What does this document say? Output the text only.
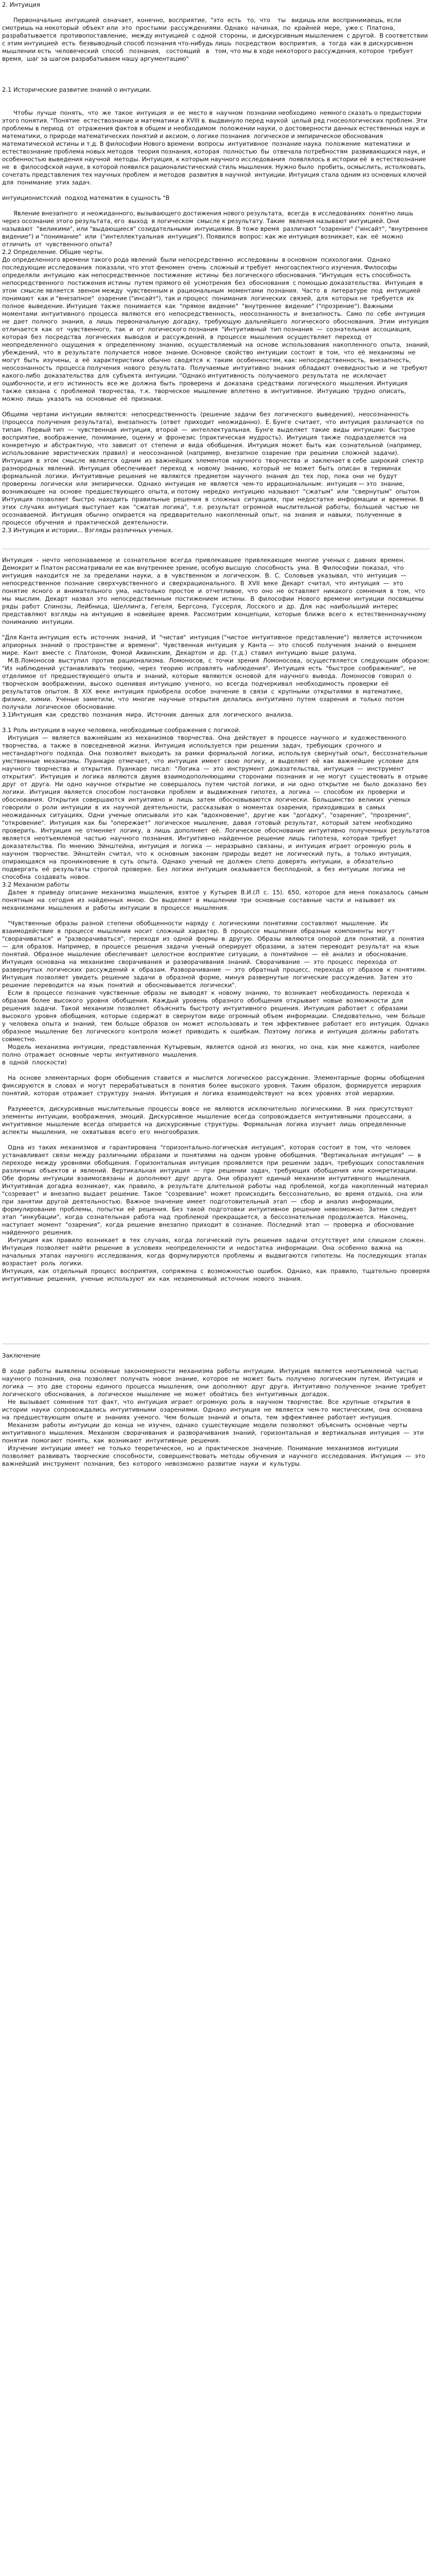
2. Интуиция

Первоначально  интуицией  означает,  конечно,  восприятие,  "это  есть   то,  что    ты   видишь или  воспринимаешь, если смотришь на некоторый  объект или  это  простыми  рассуждениями. Однако  начиная,  по  крайней  мере,  уже с  Платона,  разрабатывается  противопоставление,  между интуицией  с одной  стороны,  и дискурсивным мышлением  с другой.  В соответствии с этим интуицией  есть  безвыводный способ познания что-нибудь лишь  посредством  восприятия,  а  тогда  как в дискурсивном мышлении есть  человеческий  способ   познания,   состоящий   в   том, что мы в ходе некоторого рассуждения, которое  требует время,  шаг за шагом разрабатываем нашу аргументацию"

2.1 Исторические развитие знаний о интуиции.

Чтобы  лучше  понять,  что  же  такое  интуиция  и  ее  место в  научном  познании необходимо  немного сказать о предыстории этого понятия. "Понятие  естествознание и математики в XVIII в. выдвинуло перед наукой  целый ряд гносеологических проблем. Эти проблемы в период  от  отражения фактов в общем и необходимом  положении науки, о достоверности данных естественных наук и математики, о природе математических понятий и аксиом, о логике познания  логическое и эмпирическое обоснования математической истины и т.д. В философии Нового времени  вопросы  интуитивное  познание наука  положение  математики  и  естествознание проблема новых методов  теория познания, которая  полностью  бы  отвечала потребностям  развивающихся наук, и особенностью выведения научной  методы. Интуиция, к которым научного исследования  появлялось в истории её  в естествознание  не  в  философской науке, в которой появился рационалистический стиль мышления. Нужно было  пробить, осмыслить, истолковать, сочетать представления тех научных проблем  и методов  развития в научной  интуиции. Интуиция стала одним из основных ключей для  понимание  этих задач.

интуиционистский  подход математик в сущность "В

Явление внезапного  и неожиданного, вызывающего достижения нового результата,  всегда  в исследованиях  понятно лишь через осознание этого результата, его  выход  в логическом  смысле к результату. Такие  явления называют интуицией. Они  называют  "великими", или "выдающиеся" созидательными  интуициями. В тоже время  различают "озарение" ("инсайт", "внутреннее  видение") и "понимание"  или  ("интеллектуальная  интуиция"). Появился  вопрос: как же интуиция возникает, как  её  можно  отличить  от  чувственного опыта?

2.2 Определение. Общие черты.

До определенного времени такого рода явлений  были непосредственно  исследованы  в основном  психологами.  Однако последующие исследования  показали, что этот феномен  очень  сложный и требует  многоаспектного изучения. Философы  определяли  интуицию  как непосредственное  постижение  истины  без логического обоснования. "Интуиция  есть способность  непосредственного  постижения истины  путем прямого её  усмотрения  без  обоснования  с помощью доказательства.  Интуиция  в  этом  смысле является  звеном между  чувственным и  рациональным  моментами  познания.  Часто  в  литературе  под  интуицией понимают  как и "внезапное"  озарение ("инсайт"), так и процесс  понимания  логических  связей,  для  которых не  требуется  их  полное  выведение. Интуиция  также  понимается  как  "прямое  видение"  "внутреннее  видение" ("прозрение"). Важными  моментами  интуитивного  процесса  являются  его  непосредственность,  неосознанность  и  внезапность.  Само  по  себе  интуиция  не  дает  полного  знания,  а  лишь  первоначальную  догадку,  требующую  дальнейшего  логического  обоснования.  Этим  интуиция  отличается  как  от  чувственного,  так  и  от  логического познания  "Интуитивный  тип познания  —  сознательная  ассоциация, которая  без  посредства  логических  выводов  и  рассуждений,  в  процессе  мышления  осуществляет  переход  от  неопределенного  ощущения  к  определенному  знанию,  осуществляемый  на  основе  использования  накопленного  опыта,  знаний,  убеждений,  что  в  результате  получается  новое  знание. Основное  свойство  интуиции  состоит  в  том,  что  её  механизмы  не  могут  быть  изучены,  а  её  характеристики  обычно  сводятся  к  таким  особенностям, как: непосредственность,  внезапность,  неосознанность  процесса получения  нового  результата.  Получаемые  интуитивно  знания  обладают  очевидностью  и  не  требуют  какого-либо  доказательства  для  субъекта  интуиции. "Однако интуитивность  получаемого  результата  не  исключает  ошибочности, и его  истинность  все же  должна  быть  проверена  и  доказана  средствами  логического  мышления. Интуиция  также  связана  с  проблемой  творчества,  т.к.  творческое  мышление  вплетено  в  интуитивное.  Интуицию  трудно  описать,  можно  лишь  указать  на  основные  её  признаки.

Общими  чертами  интуиции  являются:  непосредственность  (решение  задачи  без  логического  выведения),  неосознанность  (процесса  получения  результата),  внезапность  (ответ  приходит  неожиданно).  Е. Бунге  считает,  что  интуиция  различается  по  типам.  Первый тип  —  чувственная  интуиция,  второй  —  интеллектуальная.  Бунге  выделяет  такие  виды  интуиции:  быстрое  восприятие,  воображение,  понимание,  оценку  и  фронезис  (практическая  мудрость).  Интуиция  также  подразделяется  на  конкретную  и  абстрактную,  что  зависит  от  степени  и  вида  обобщения.  Интуиция  может  быть  как  сознательной  (например,  использование  эвристических  правил)  и  неосознанной  (например,  внезапное  озарение  при  решении  сложной  задачи).  Интуиция  в  этом  смысле  является  одним  из  важнейших  элементов  научного  творчества  и  заключает в себе  широкий  спектр  разнородных  явлений.  Интуиция  обеспечивает  переход  к  новому  знанию,  который  не  может  быть  описан  в  терминах  формальной  логики.  Интуитивные  решения  не  являются  предметом  научного  знания  до  тех  пор,  пока  они  не  будут  проверены  логически  или  эмпирически.  Однако  интуиция  не  является  чем-то  иррациональным:  интуиция — это  знание,  возникающее  на  основе  предшествующего  опыта, и потому  нередко  интуицию  называют  "сжатым"  или  "свернутым"  опытом.  Интуиция  позволяет  быстро  находить  правильные  решения  в  сложных  ситуациях,  при  недостатке  информации  и  времени. В  этих  случаях  интуиция  выступает  как  "сжатая  логика",  т.е.  результат  огромной  мыслительной  работы,  большей  частью  не  осознаваемой.  Интуиция  обычно  опирается  на  предварительно  накопленный  опыт,  на  знания  и  навыки,  полученные  в  процессе  обучения  и  практической  деятельности.

2.3 Интуиция и истории... Взгляды различных ученых.

Интуиция  -  нечто  непознаваемое  и  сознательное  всегда  привлекавшее  привлекающее  многие  ученых с  давних  времен.

Демокрит и Платон рассматривали ее как внутреннее зрение, особую высшую  способность  ума.  В  Философии  показал,  что  интуиция  находится  не  за  пределами  науки,  а  в  чувственном  и  логическом.  В.  С.  Соловьев  указывал,  что  интуиция  —  непосредственное  познание  сверхчувственного  и  сверхрационального.  В  XVII  веке  Декарт  считал,  что  интуиция  —  это  понятие  ясного  и  внимательного  ума,  настолько  простое  и  отчетливое,  что  оно  не  оставляет  никакого  сомнения  в  том,  что  мы  мыслим.  Декарт  назвал  это  непосредственным  постижением  истины.  В  философии  Нового  времени  интуиции  посвящены  ряды  работ  Спинозы,  Лейбница,  Шеллинга,  Гегеля,  Бергсона,  Гуссерля,  Лосского  и  др.  Для  нас  наибольший  интерес  представляют  взгляды  на  интуицию  в  новейшее  время.  Рассмотрим  концепции,  которые  ближе  всего  к  естественнонаучному  пониманию  интуиции.

"Для Канта интуиция  есть  источник  знаний,  И  "чистая"  интуиция ("чистое  интуитивное  представление")  является  источником  априорных  знаний  о  пространстве  и  времени".  Чувственная  интуиция  у  Канта —  это  способ  получения  знаний  о  внешнем  мире.  Кант  вместе  с  Платоном,  Фомой  Аквинским,  Декартом  и  др.  (т.д.)  ставил  интуицию  выше  разума.

М.В.Ломоносов  выступил  против  рационализма.  Ломоносов,  с  точки  зрения  Ломоносова,  осуществляется  следующим  образом:  "Из  наблюдений  устанавливать  теорию,  через  теорию  исправлять  наблюдения".  Интуиция  есть  "быстрое  соображение",  не  отделимое  от  предшествующего  опыта  и  знаний,  которые  являются  основой  для  научного  вывода.  Ломоносов  говорил  о  творческом  воображении,  высоко  оценивая  интуицию  ученого,  но  всегда  подчеркивал  необходимость  проверки  её  результатов  опытом.  В  XIX  веке  интуиция  приобрела  особое  значение  в  связи  с  крупными  открытиями  в  математике,  физике,  химии.  Ученые  заметили,  что  многие  научные  открытия  делались  интуитивно  путем  озарения  и  только  потом  получали  логическое  обоснование.

3.1Интуиция  как  средство  познания  мира.  Источник  данных  для  логического  анализа.

3.1 Роль интуиции в науке человека, необходимые соображения с логикой.

Интуиция  —  является  важнейшим  из  механизмов  творчества.  Она  действует  в  процессе  научного  и  художественного  творчества,  а  также  в  повседневной  жизни.  Интуиция  используется  при  решении  задач,  требующих  срочного  и  нестандартного  подхода.  Она  позволяет  выходить  за  рамки  формальной  логики,  используя  свернутый  опыт,  бессознательные  умственные  механизмы.  Пуанкаре  отмечает,  что  интуиция  имеет  свою  логику,  и  выделяет  её  как  важнейшее  условие  для  научного  творчества  и  открытия.  Пуанкаре  писал:  "Логика  —  это  инструмент  доказательства,  интуиция  —  инструмент  открытия".  Интуиция  и  логика  являются  двумя  взаимодополняющими  сторонами  познания  и  не  могут  существовать  в  отрыве  друг  от  друга.  Ни  одно  научное  открытие  не  совершалось  путем  чистой  логики,  и  ни  одно  открытие  не  было  доказано  без  логики.  Интуиция  является  способом  постановки  проблем  и  выдвижения  гипотез,  а  логика  —  способом  их  проверки  и  обоснования.  Открытия  совершаются  интуитивно  и  лишь  затем  обосновываются  логически.  Большинство  великих  ученых  говорили  о  роли  интуиции  в  их  научной  деятельности,  рассказывая  о  моментах  озарения,  приходивших  в  самых  неожиданных  ситуациях.  Одни  ученые  описывали  это  как  "вдохновение",  другие  как  "догадку",  "озарение",  "прозрение",  "откровение".  Интуиция  как  бы  "опережает"  логическое  мышление,  давая  готовый  результат,  который  затем  необходимо  проверить.  Интуиция  не  отменяет  логику,  а  лишь  дополняет  её.  Логическое  обоснование  интуитивно  полученных  результатов  является  неотъемлемой  частью  научного  познания.  Интуитивно  найденное  решение  лишь  гипотеза,  которая  требует  доказательства.  По  мнению  Эйнштейна,  интуиция  и  логика  —  неразрывно  связаны,  и  интуиция  играет  огромную  роль  в  научном  творчестве.  Эйнштейн  считал,  что  к  основным  законам  природы  ведет  не  логический  путь,  а  только  интуиция,  опирающаяся  на  проникновение  в  суть  опыта.  Однако  ученый  не  должен  слепо  доверять  интуиции,  а  обязательно  подвергать  её  результаты  строгой  проверке.  Без  логики  интуиция  оказывается  бесплодной,  а  без  интуиции  логика  не  способна  создавать  новое.

3.2 Механизм работы

Далее  я  приведу  описание  механизма  мышления,  взятое  у  Кутырев  В.И.(Л  с.  15).  650,  которое  для  меня  показалось  самым  понятным  на  сегодня  из  найденных  мною.  Он  выделяет  в  мышлении  три  основные  составные  части  и  называет  их  механизмами  мышления  и  работы  интуиции  в  процессе  мышления.

"Чувственные  образы  разной  степени  обобщенности  наряду  с  логическими  понятиями  составляют  мышление.  Их  взаимодействие  в  процессе  мышления  носит  сложный  характер.  В  процессе  мышления  образные  компоненты  могут  "сворачиваться"  и  "разворачиваться",  переходя  из  одной  формы  в  другую.  Образы  являются  опорой  для  понятий,  а  понятия  —  для  образов.  Например,  в  процессе  решения  задачи  ученый  оперирует  образами,  а  затем  переводит  результат  на  язык  понятий.  Образное  мышление  обеспечивает  целостное  восприятие  ситуации,  а  понятийное  —  её  анализ  и  обоснование.  Интуиция  основана  на  механизме  сворачивания  и  разворачивания  знаний.  Сворачивание  —  это  процесс  перехода  от  развернутых  логических  рассуждений  к  образам.  Разворачивание  —  это  обратный  процесс,  перехода  от  образов  к  понятиям.  Интуиция  позволяет  увидеть  решение  задачи  в  образной  форме,  минуя  развернутые  логические  рассуждения.  Затем  это  решение  переводится  на  язык  понятий  и  обосновывается  логически".

Если  в  процессе  познания  чувственные  образы  не  выводят  к  новому  знанию,  то  возникает  необходимость  перехода  к  образам  более  высокого  уровня  обобщения.  Каждый  уровень  образного  обобщения  открывает  новые  возможности  для  решения  задачи.  Такой  механизм  позволяет  объяснить  быстроту  интуитивного  решения.  Интуиция  работает  с  образами  высокого  уровня  обобщения,  которые  содержат  в  свернутом  виде  огромный  объем  информации.  Следовательно,  чем  больше  у  человека  опыта  и  знаний,  тем  больше  образов  он  может  использовать  и  тем  эффективнее  работает  его  интуиция.  Однако  образное  мышление  без  логического  контроля  может  приводить  к  ошибкам.  Поэтому  логика  и  интуиция  должны  работать  совместно.

Модель  механизма  интуиции,  представленная  Кутыревым,  является  одной  из  многих,  но  она,  как  мне  кажется,  наиболее  полно  отражает  основные  черты  интуитивного  мышления.

в  одной  плоскости)

На  основе  элементарных  форм  обобщения  ставится  и  мыслится  логическое  рассуждение.  Элементарные  формы  обобщения  фиксируются  в  словах  и  могут  перерабатываться  в  понятия  более  высокого  уровня.  Таким  образом,  формируется  иерархия  понятий,  которая  отражает  структуру  знания.  Интуиция  и  логика  взаимодействуют  на  всех  уровнях  этой  иерархии.

Разумеется,  дискурсивные  мыслительные  процессы  вовсе  не  являются  исключительно  логическими.  В  них  присутствуют  элементы  интуиции,  воображения,  эмоций.  Дискурсивное  мышление  всегда  сопровождается  интуитивными  процессами,  а  интуитивное  мышление  всегда  опирается  на  дискурсивные  структуры.  Формальная  логика  изучает  лишь  определенные  аспекты  мышления,  не  охватывая  всего  его  многообразия.

Одна  из  таких  механизмов  и  гарантирована  "горизонтально-логическая  интуиция",  которая  состоит  в  том,  что  человек  устанавливает  связи  между  различными  образами  и  понятиями  на  одном  уровне  обобщения.  "Вертикальная  интуиция"  —  в  переходе  между  уровнями  обобщения.  Горизонтальная  интуиция  проявляется  при  решении  задач,  требующих  сопоставления  различных  объектов  и  явлений.  Вертикальная  интуиция  —  при  решении  задач,  требующих  обобщения  или  конкретизации.  Обе  формы  интуиции  взаимосвязаны  и  дополняют  друг  друга.  Они  образуют  единый  механизм  интуитивного  мышления.  Интуитивная  догадка  возникает,  как  правило,  в  результате  длительной  работы  над  проблемой,  когда  накопленный  материал  "созревает"  и  внезапно  выдает  решение.  Такое  "созревание"  может  происходить  бессознательно,  во  время  отдыха,  сна  или  при  занятии  другой  деятельностью.  Важное  значение  имеет  подготовительный  этап  —  сбор  и  анализ  информации,  формулирование  проблемы,  попытки  её  решения.  Без  такой  подготовки  интуитивное  решение  невозможно.  Затем  следует  этап  "инкубации",  когда  сознательная  работа  над  проблемой  прекращается,  а  бессознательная  продолжается.  Наконец,  наступает  момент  "озарения",  когда  решение  внезапно  приходит  в  сознание.  Последний  этап  —  проверка  и  обоснование  найденного  решения.

Интуиция  как  правило  возникает  в  тех  случаях,  когда  логический  путь  решения  задачи  отсутствует  или  слишком  сложен.  Интуиция  позволяет  найти  решение  в  условиях  неопределенности  и  недостатка  информации.  Она  особенно  важна  на  начальных  этапах  научного  исследования,  когда  формулируются  проблемы  и  выдвигаются  гипотезы.  На  последующих  этапах  возрастает  роль  логики.

Интуиция,  как  отдельный  процесс  восприятия,  сопряжена  с  возможностью  ошибок.  Однако,  как  правило,  тщательно  проверяя  интуитивные  решения,  ученые  используют  их  как  незаменимый  источник  нового  знания.

Заключение

В  ходе  работы  выявлены  основные  закономерности  механизма  работы  интуиции.  Интуиция  является  неотъемлемой  частью  научного  познания,  она  позволяет  получать  новое  знание,  которое  не  может  быть  получено  логическим  путем.  Интуиция  и  логика  —  это  две  стороны  единого  процесса  мышления,  они  дополняют  друг  друга.  Интуитивно  полученное  знание  требует  логического  обоснования,  а  логическое  мышление  не  может  обойтись  без  интуитивных  догадок.

Не  вызывает  сомнения  тот  факт,  что  интуиция  играет  огромную  роль  в  научном  творчестве.  Все  крупные  открытия  в  истории  науки  сопровождались  интуитивными  озарениями.  Однако  интуиция  не  является  чем-то  мистическим,  она  основана  на  предшествующем  опыте  и  знаниях  ученого.  Чем  больше  знаний  и  опыта,  тем  эффективнее  работает  интуиция.

Механизм  работы  интуиции  до  конца  не  изучен,  однако  существующие  модели  позволяют  объяснить  основные  черты  интуитивного  мышления.  Механизм  сворачивания  и  разворачивания  знаний,  горизонтальная  и  вертикальная  интуиция  —  эти  понятия  помогают  понять,  как  возникают  интуитивные  решения.

Изучение  интуиции  имеет  не  только  теоретическое,  но  и  практическое  значение.  Понимание  механизмов  интуиции  позволяет  развивать  творческие  способности,  совершенствовать  методы  обучения  и  научного  исследования.  Интуиция  —  это  важнейший  инструмент  познания,  без  которого  невозможно  развитие  науки  и  культуры.
